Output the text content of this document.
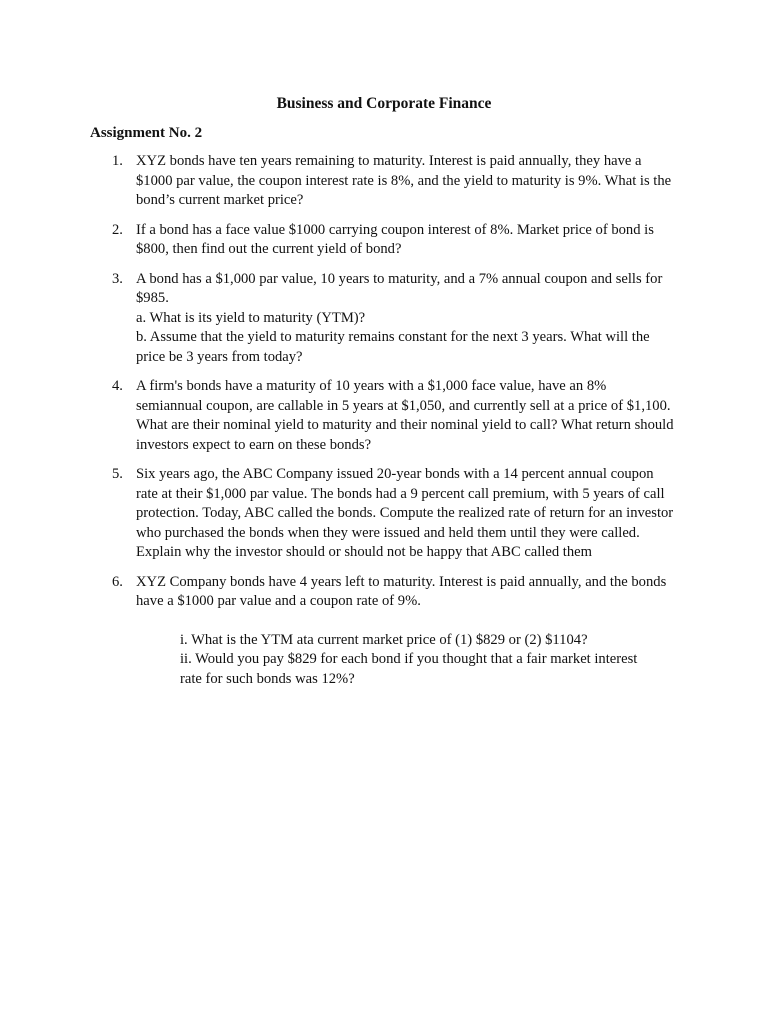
Business and Corporate Finance
Assignment No. 2
1. XYZ bonds have ten years remaining to maturity. Interest is paid annually, they have a $1000 par value, the coupon interest rate is 8%, and the yield to maturity is 9%. What is the bond’s current market price?
2. If a bond has a face value $1000 carrying coupon interest of 8%. Market price of bond is $800, then find out the current yield of bond?
3. A bond has a $1,000 par value, 10 years to maturity, and a 7% annual coupon and sells for $985.
a. What is its yield to maturity (YTM)?
b. Assume that the yield to maturity remains constant for the next 3 years. What will the price be 3 years from today?
4. A firm's bonds have a maturity of 10 years with a $1,000 face value, have an 8% semiannual coupon, are callable in 5 years at $1,050, and currently sell at a price of $1,100. What are their nominal yield to maturity and their nominal yield to call? What return should investors expect to earn on these bonds?
5. Six years ago, the ABC Company issued 20-year bonds with a 14 percent annual coupon rate at their $1,000 par value. The bonds had a 9 percent call premium, with 5 years of call protection. Today, ABC called the bonds. Compute the realized rate of return for an investor who purchased the bonds when they were issued and held them until they were called. Explain why the investor should or should not be happy that ABC called them
6. XYZ Company bonds have 4 years left to maturity. Interest is paid annually, and the bonds have a $1000 par value and a coupon rate of 9%.
i. What is the YTM ata current market price of (1) $829 or (2) $1104?
ii. Would you pay $829 for each bond if you thought that a fair market interest rate for such bonds was 12%?
